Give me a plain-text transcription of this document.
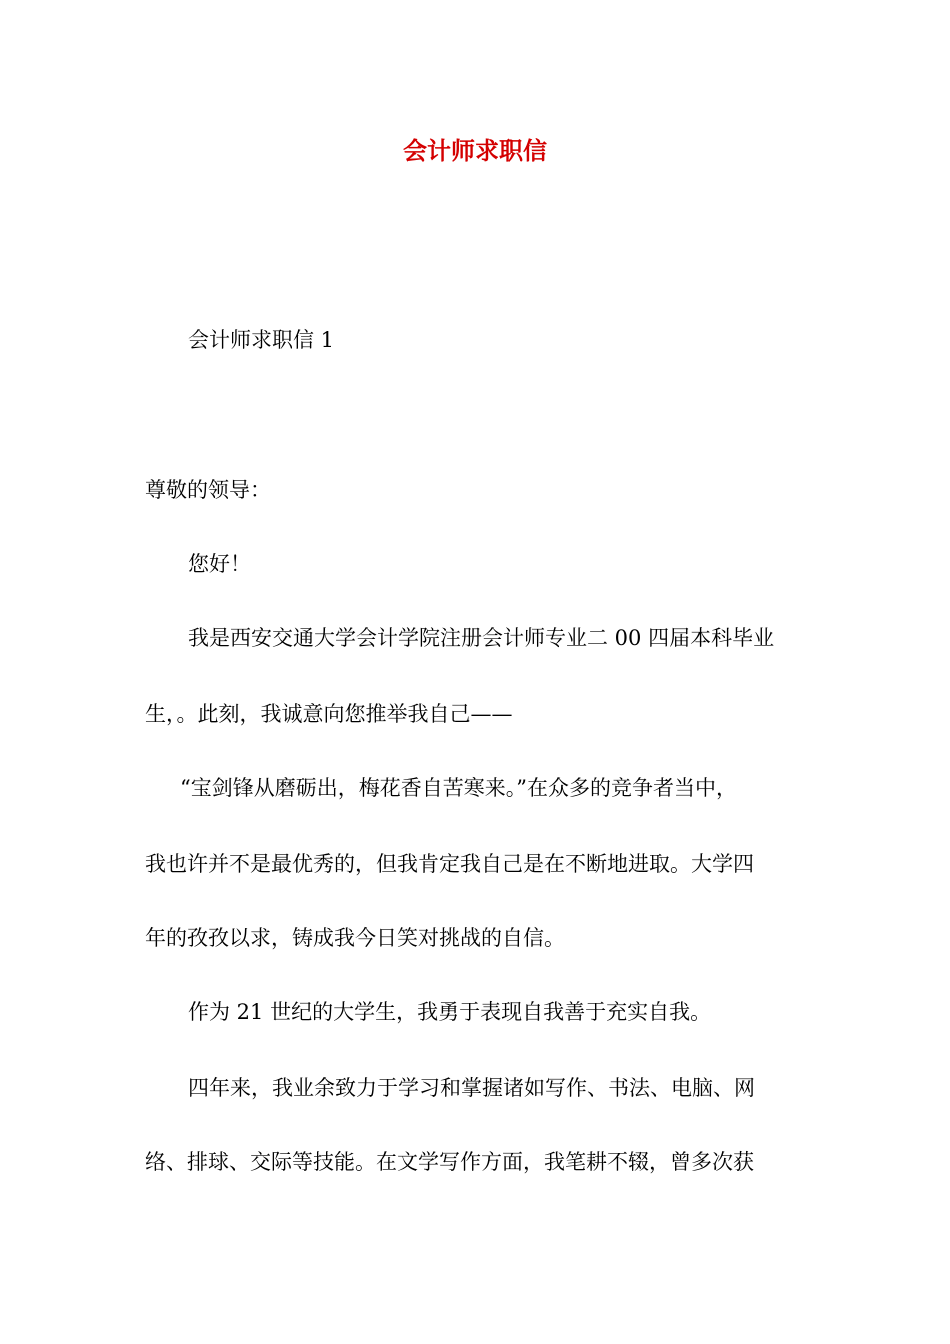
会计师求职信
会计师求职信 1
尊敬的领导：
您好！
我是西安交通大学会计学院注册会计师专业二 00 四届本科毕业
生，。此刻，我诚意向您推举我自己——
“宝剑锋从磨砺出，梅花香自苦寒来。”在众多的竞争者当中，
我也许并不是最优秀的，但我肯定我自己是在不断地进取。大学四
年的孜孜以求，铸成我今日笑对挑战的自信。
作为 21 世纪的大学生，我勇于表现自我善于充实自我。
四年来，我业余致力于学习和掌握诸如写作、书法、电脑、网
络、排球、交际等技能。在文学写作方面，我笔耕不辍，曾多次获
